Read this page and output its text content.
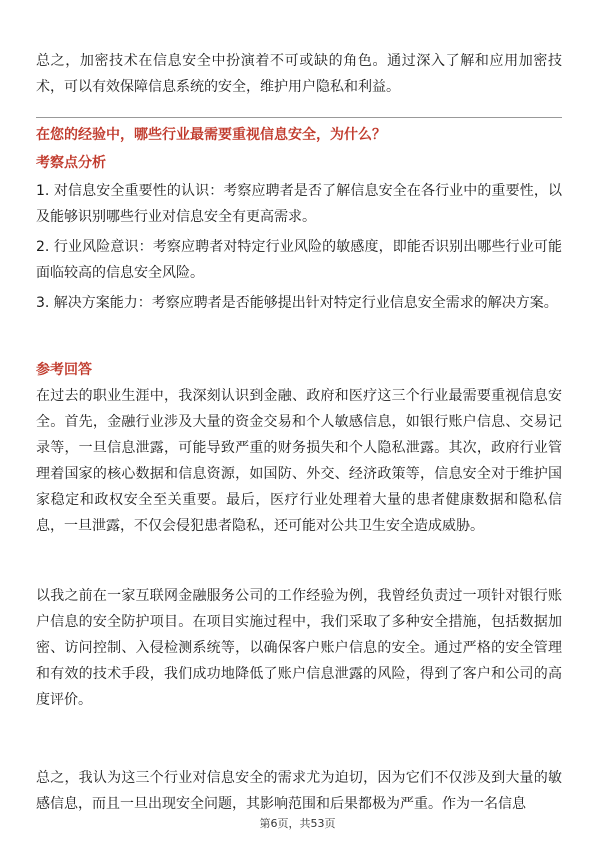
总之，加密技术在信息安全中扮演着不可或缺的角色。通过深入了解和应用加密技术，可以有效保障信息系统的安全，维护用户隐私和利益。

在您的经验中，哪些行业最需要重视信息安全，为什么？
考察点分析

1. 对信息安全重要性的认识：考察应聘者是否了解信息安全在各行业中的重要性，以及能够识别哪些行业对信息安全有更高需求。

2. 行业风险意识：考察应聘者对特定行业风险的敏感度，即能否识别出哪些行业可能面临较高的信息安全风险。

3. 解决方案能力：考察应聘者是否能够提出针对特定行业信息安全需求的解决方案。

参考回答

在过去的职业生涯中，我深刻认识到金融、政府和医疗这三个行业最需要重视信息安全。首先，金融行业涉及大量的资金交易和个人敏感信息，如银行账户信息、交易记录等，一旦信息泄露，可能导致严重的财务损失和个人隐私泄露。其次，政府行业管理着国家的核心数据和信息资源，如国防、外交、经济政策等，信息安全对于维护国家稳定和政权安全至关重要。最后，医疗行业处理着大量的患者健康数据和隐私信息，一旦泄露，不仅会侵犯患者隐私，还可能对公共卫生安全造成威胁。

以我之前在一家互联网金融服务公司的工作经验为例，我曾经负责过一项针对银行账户信息的安全防护项目。在项目实施过程中，我们采取了多种安全措施，包括数据加密、访问控制、入侵检测系统等，以确保客户账户信息的安全。通过严格的安全管理和有效的技术手段，我们成功地降低了账户信息泄露的风险，得到了客户和公司的高度评价。

总之，我认为这三个行业对信息安全的需求尤为迫切，因为它们不仅涉及到大量的敏感信息，而且一旦出现安全问题，其影响范围和后果都极为严重。作为一名信息

第6页，共53页
